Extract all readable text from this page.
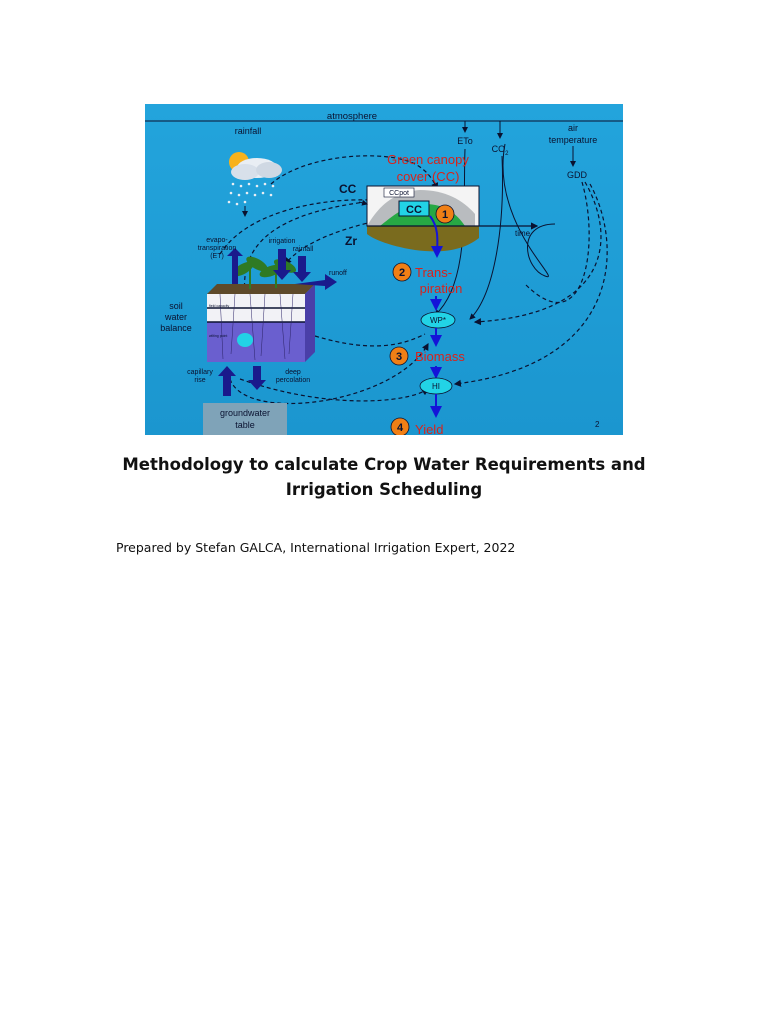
atmosphere
rainfall
ETo
$CO_2$
air
temperature
GDD
Green canopy
cover (CC)
CC
Zr
CCpot
CC
time
1
2 Trans-
piration
WP*
3 Biomass
HI
4 Yield	2
field capacity
wilting point
evapo-
transpiration
(ET)
irrigation
rainfall
runoff
soil
water
balance
capillary
rise
deep
percolation
groundwater
table
Methodology to calculate Crop Water Requirements and
Irrigation Scheduling
Prepared by Stefan GALCA, International Irrigation Expert, 2022
